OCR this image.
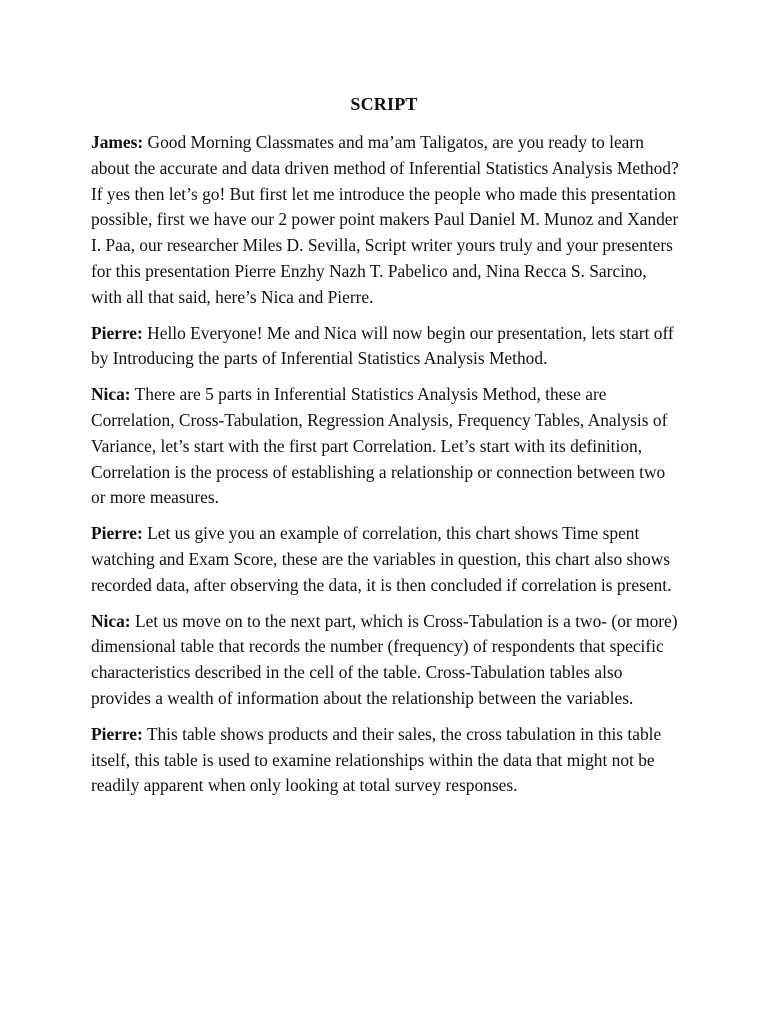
SCRIPT

James: Good Morning Classmates and ma’am Taligatos, are you ready to learn about the accurate and data driven method of Inferential Statistics Analysis Method? If yes then let’s go! But first let me introduce the people who made this presentation possible, first we have our 2 power point makers Paul Daniel M. Munoz and Xander I. Paa, our researcher Miles D. Sevilla, Script writer yours truly and your presenters for this presentation Pierre Enzhy Nazh T. Pabelico and, Nina Recca S. Sarcino, with all that said, here’s Nica and Pierre.

Pierre: Hello Everyone! Me and Nica will now begin our presentation, lets start off by Introducing the parts of Inferential Statistics Analysis Method.

Nica: There are 5 parts in Inferential Statistics Analysis Method, these are Correlation, Cross-Tabulation, Regression Analysis, Frequency Tables, Analysis of Variance, let’s start with the first part Correlation. Let’s start with its definition, Correlation is the process of establishing a relationship or connection between two or more measures.

Pierre: Let us give you an example of correlation, this chart shows Time spent watching and Exam Score, these are the variables in question, this chart also shows recorded data, after observing the data, it is then concluded if correlation is present.

Nica: Let us move on to the next part, which is Cross-Tabulation is a two- (or more) dimensional table that records the number (frequency) of respondents that specific characteristics described in the cell of the table. Cross-Tabulation tables also provides a wealth of information about the relationship between the variables.

Pierre: This table shows products and their sales, the cross tabulation in this table itself, this table is used to examine relationships within the data that might not be readily apparent when only looking at total survey responses.
